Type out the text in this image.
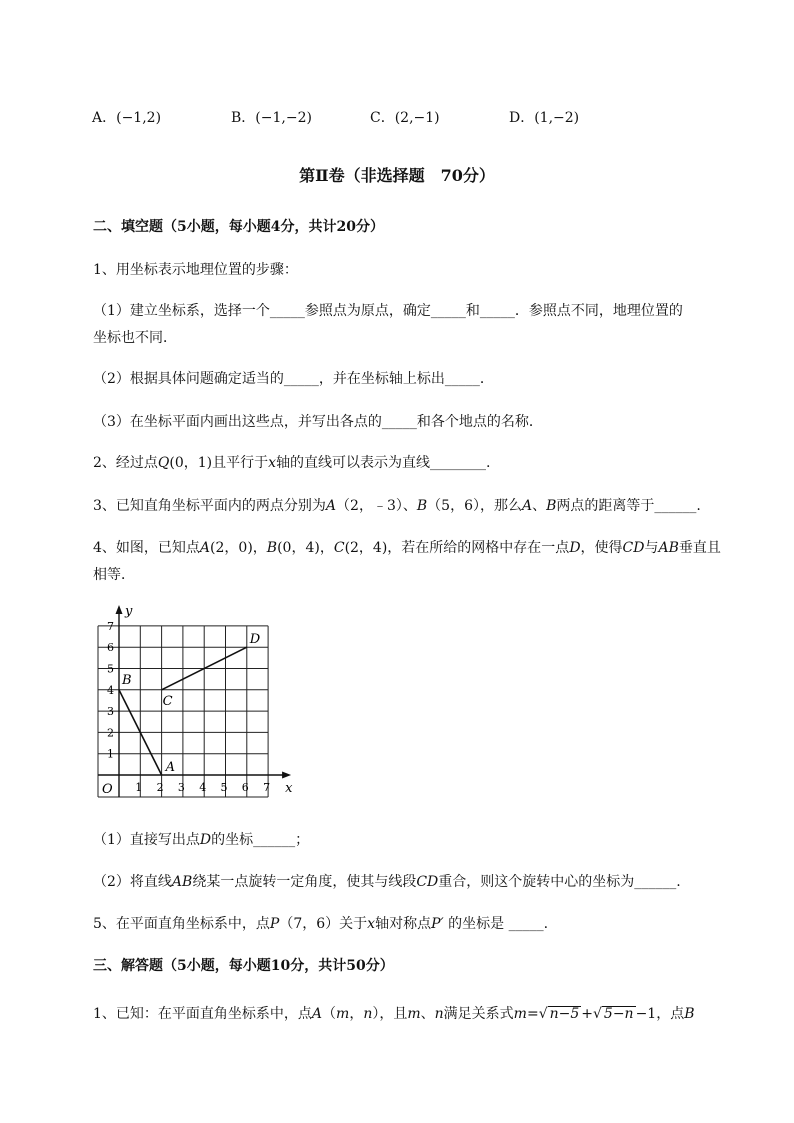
A．(−1,2)	B．(−1,−2)	C．(2,−1)	D．(1,−2)
第Ⅱ卷（非选择题　70分）
二、填空题（5小题，每小题4分，共计20分）
1、用坐标表示地理位置的步骤：
（1）建立坐标系，选择一个_____参照点为原点，确定_____和_____．参照点不同，地理位置的
坐标也不同．
（2）根据具体问题确定适当的_____，并在坐标轴上标出_____．
（3）在坐标平面内画出这些点，并写出各点的_____和各个地点的名称．
2、经过点Q(0，1)且平行于x轴的直线可以表示为直线________.
3、已知直角坐标平面内的两点分别为A（2，﹣3）、B（5，6），那么A、B两点的距离等于______.
4、如图，已知点A(2，0)，B(0，4)，C(2，4)，若在所给的网格中存在一点D，使得CD与AB垂直且
相等．
1 2 3 4 5 6 7
1
2
3
4
5
6
7
O
y
x
A
B
C
D
（1）直接写出点D的坐标______；
（2）将直线AB绕某一点旋转一定角度，使其与线段CD重合，则这个旋转中心的坐标为______.
5、在平面直角坐标系中，点P（7，6）关于x轴对称点P′ 的坐标是 _____.
三、解答题（5小题，每小题10分，共计50分）
1、已知：在平面直角坐标系中，点A（m，n），且m、n满足关系式m=√ n−5 +√ 5−n −1，点B
